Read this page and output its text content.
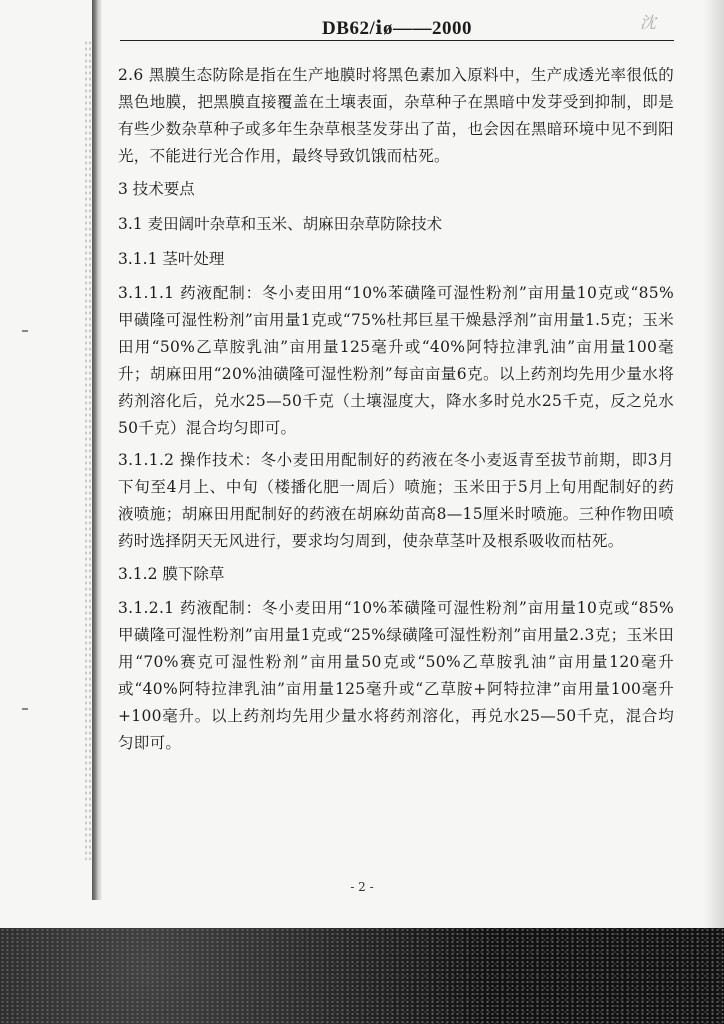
DB62/ⅰø——2000	沈

2.6 黑膜生态防除是指在生产地膜时将黑色素加入原料中，生产成透光率很低的黑色地膜，把黑膜直接覆盖在土壤表面，杂草种子在黑暗中发芽受到抑制，即是有些少数杂草种子或多年生杂草根茎发芽出了苗，也会因在黑暗环境中见不到阳光，不能进行光合作用，最终导致饥饿而枯死。

3 技术要点

3.1 麦田阔叶杂草和玉米、胡麻田杂草防除技术

3.1.1 茎叶处理

3.1.1.1 药液配制：冬小麦田用“10%苯磺隆可湿性粉剂”亩用量10克或“85%甲磺隆可湿性粉剂”亩用量1克或“75%杜邦巨星干燥悬浮剂”亩用量1.5克；玉米田用“50%乙草胺乳油”亩用量125毫升或“40%阿特拉津乳油”亩用量100毫升；胡麻田用“20%油磺隆可湿性粉剂”每亩亩量6克。以上药剂均先用少量水将药剂溶化后，兑水25—50千克（土壤湿度大，降水多时兑水25千克，反之兑水50千克）混合均匀即可。

3.1.1.2 操作技术：冬小麦田用配制好的药液在冬小麦返青至拔节前期，即3月下旬至4月上、中旬（楼播化肥一周后）喷施；玉米田于5月上旬用配制好的药液喷施；胡麻田用配制好的药液在胡麻幼苗高8—15厘米时喷施。三种作物田喷药时选择阴天无风进行，要求均匀周到，使杂草茎叶及根系吸收而枯死。

3.1.2 膜下除草

3.1.2.1 药液配制：冬小麦田用“10%苯磺隆可湿性粉剂”亩用量10克或“85%甲磺隆可湿性粉剂”亩用量1克或“25%绿磺隆可湿性粉剂”亩用量2.3克；玉米田用“70%赛克可湿性粉剂”亩用量50克或“50%乙草胺乳油”亩用量120毫升或“40%阿特拉津乳油”亩用量125毫升或“乙草胺+阿特拉津”亩用量100毫升+100毫升。以上药剂均先用少量水将药剂溶化，再兑水25—50千克，混合均匀即可。

- 2 -
